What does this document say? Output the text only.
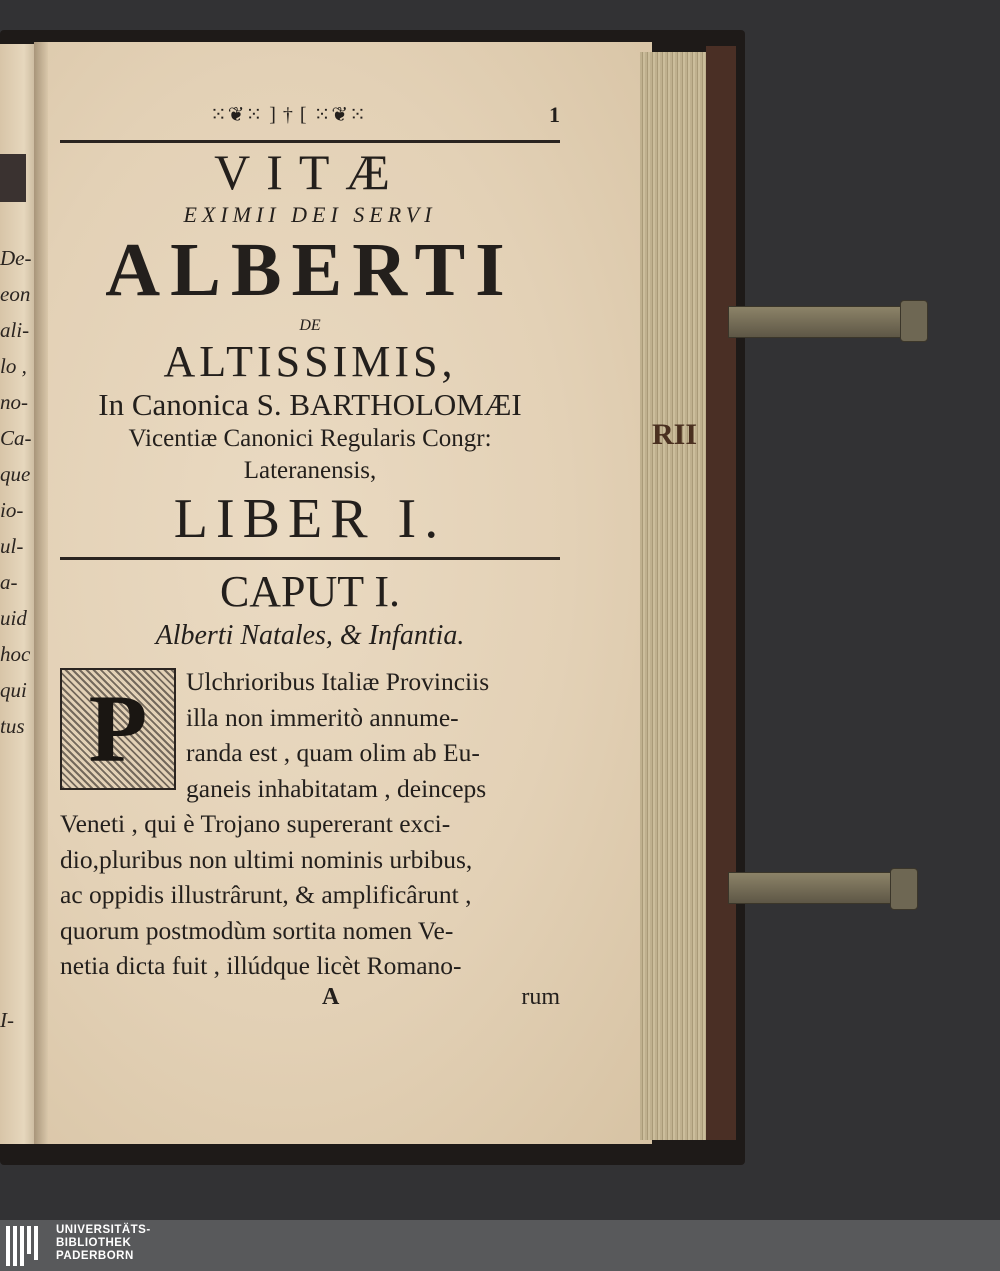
De-
eon
ali-
lo ,
no-
Ca-
que
io-
ul-
a-
uid
hoc
qui
tus
I-
RII
⁙❦⁙ ] † [ ⁙❦⁙	1
VITÆ
EXIMII DEI SERVI
ALBERTI
DE
ALTISSIMIS,
In Canonica S. BARTHOLOMÆI
Vicentiæ Canonici Regularis Congr:
Lateranensis,
LIBER I.
CAPUT I.
Alberti Natales, & Infantia.
P	Ulchrioribus Italiæ Provinciis
illa non immeritò annume-
randa est , quam olim ab Eu-
ganeis inhabitatam , deinceps
Veneti , qui è Trojano supererant exci-
dio,pluribus non ultimi nominis urbibus,
ac oppidis illustrârunt, & amplificârunt ,
quorum postmodùm sortita nomen Ve-
netia dicta fuit , illúdque licèt Romano-
A	rum
UNIVERSITÄTS-
BIBLIOTHEK
PADERBORN
